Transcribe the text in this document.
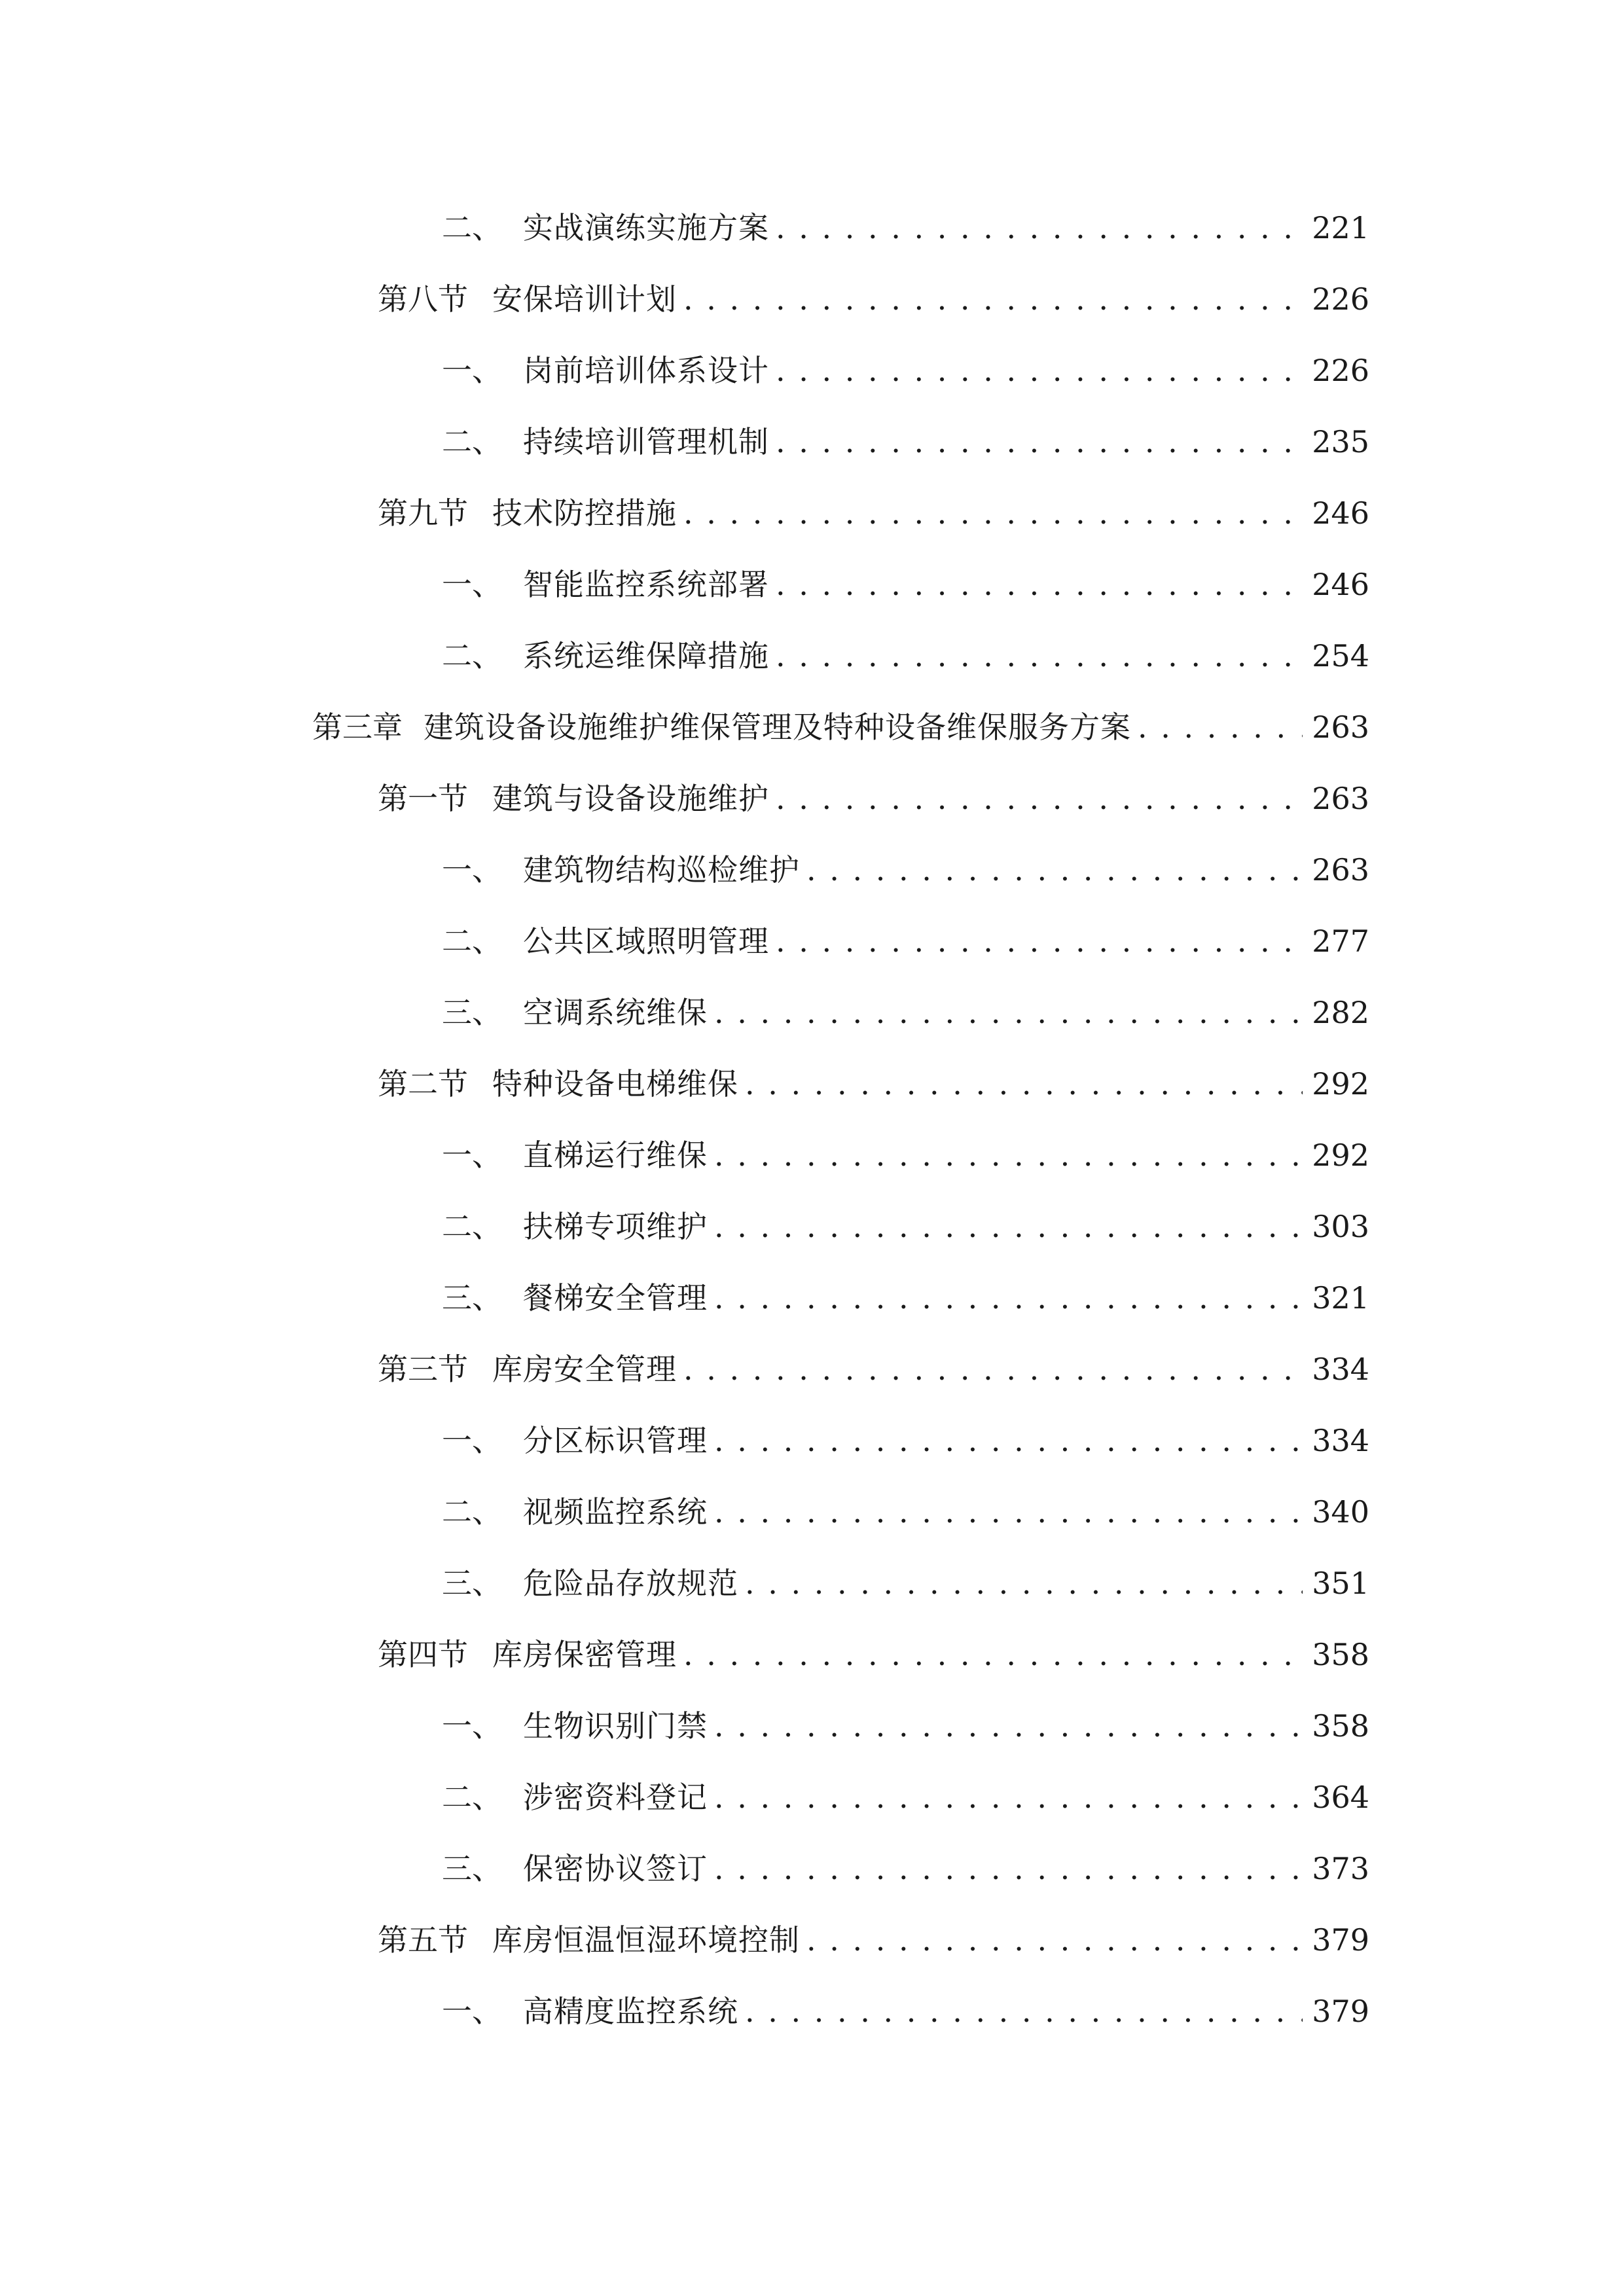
二、 实战演练实施方案 . . .	221
第八节 安保培训计划 . . .	226
一、 岗前培训体系设计 . . .	226
二、 持续培训管理机制 . . .	235
第九节 技术防控措施 . . .	246
一、 智能监控系统部署 . . .	246
二、 系统运维保障措施 . . .	254
第三章 建筑设备设施维护维保管理及特种设备维保服务方案 . . .	263
第一节 建筑与设备设施维护 . . .	263
一、 建筑物结构巡检维护 . . .	263
二、 公共区域照明管理 . . .	277
三、 空调系统维保 . . .	282
第二节 特种设备电梯维保 . . .	292
一、 直梯运行维保 . . .	292
二、 扶梯专项维护 . . .	303
三、 餐梯安全管理 . . .	321
第三节 库房安全管理 . . .	334
一、 分区标识管理 . . .	334
二、 视频监控系统 . . .	340
三、 危险品存放规范 . . .	351
第四节 库房保密管理 . . .	358
一、 生物识别门禁 . . .	358
二、 涉密资料登记 . . .	364
三、 保密协议签订 . . .	373
第五节 库房恒温恒湿环境控制 . . .	379
一、 高精度监控系统 . . .	379
